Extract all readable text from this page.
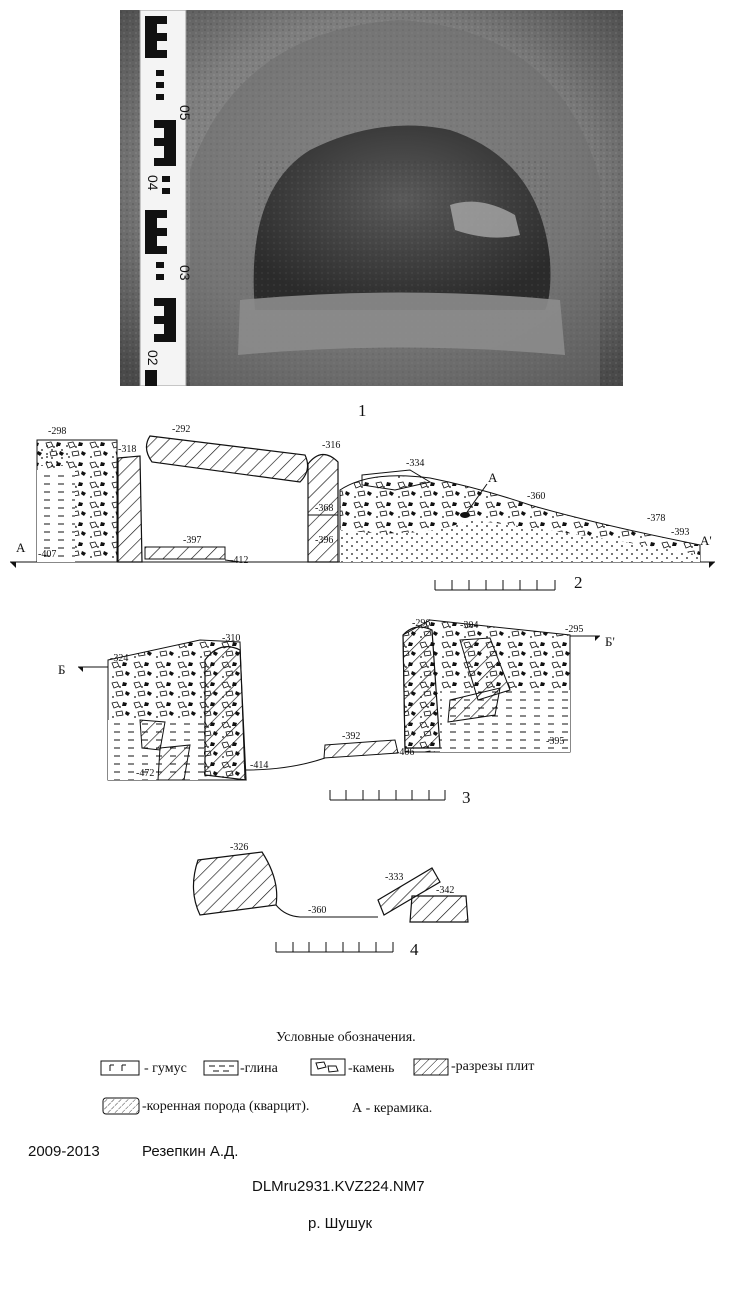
05
04
03
02
1
А
А	А'
-298
-318
-292
-316
-334
-360
-378
-393
-368
-396
-407
-397
-412
2
Б
Б'
-324
-310
-296	-304	-295
-472
-414
-392
-406
-395
3
-326
-333
-342
-360
4
Условные обозначения.
- гумус	-глина	-камень	-разрезы плит
-коренная порода (кварцит).	А - керамика.
2009-2013	Резепкин А.Д.
DLMru2931.KVZ224.NM7
р. Шушук
